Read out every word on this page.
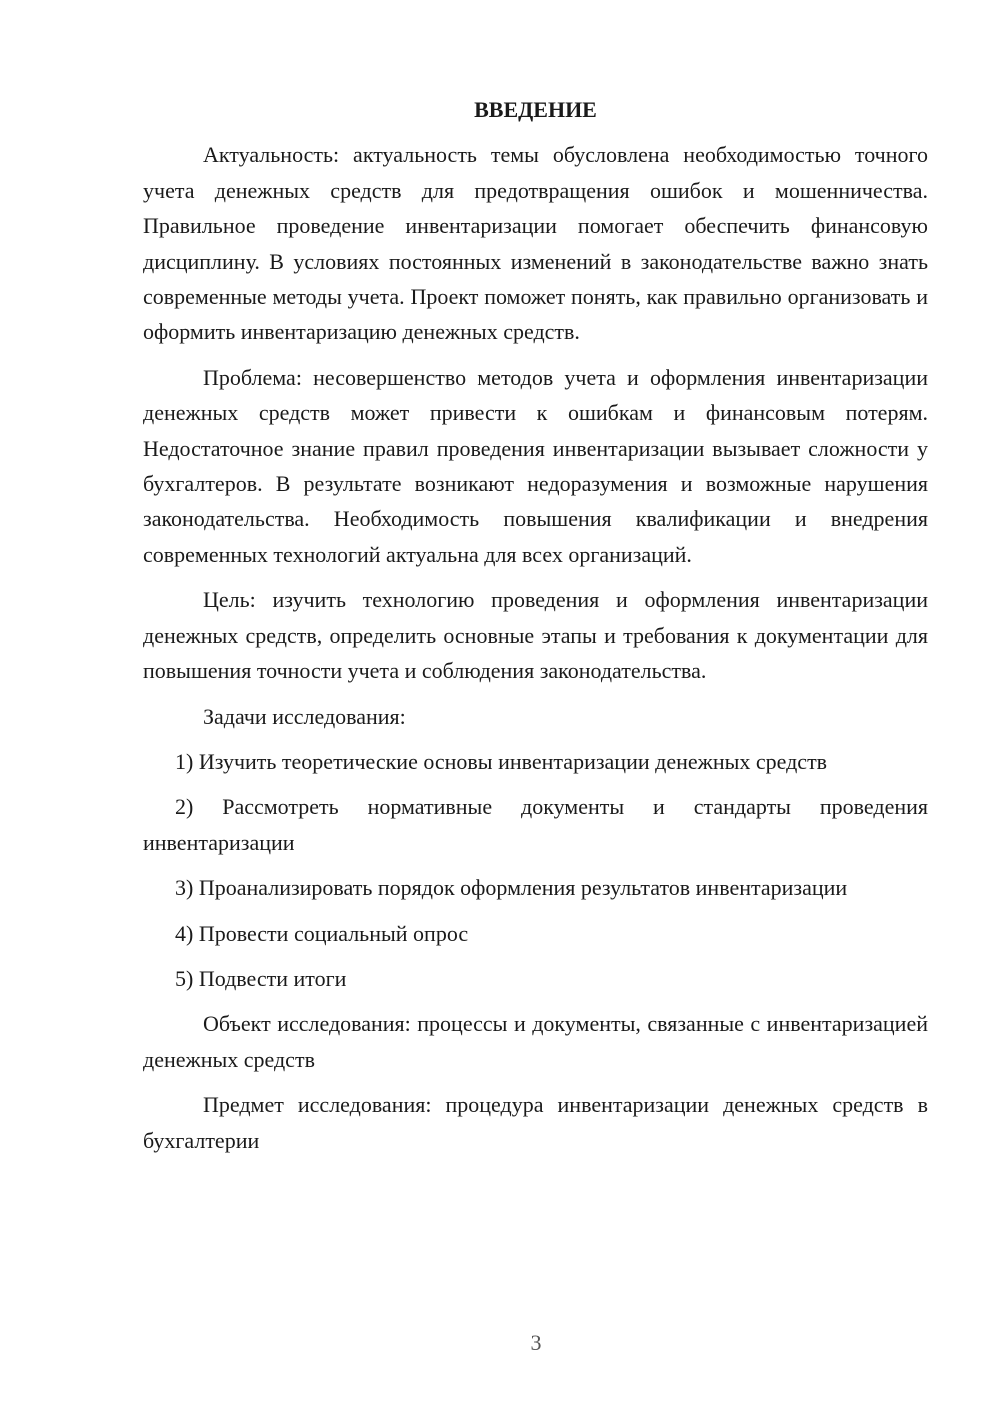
ВВЕДЕНИЕ

Актуальность: актуальность темы обусловлена необходимостью точного учета денежных средств для предотвращения ошибок и мошенничества. Правильное проведение инвентаризации помогает обеспечить финансовую дисциплину. В условиях постоянных изменений в законодательстве важно знать современные методы учета. Проект поможет понять, как правильно организовать и оформить инвентаризацию денежных средств.

Проблема: несовершенство методов учета и оформления инвентаризации денежных средств может привести к ошибкам и финансовым потерям. Недостаточное знание правил проведения инвентаризации вызывает сложности у бухгалтеров. В результате возникают недоразумения и возможные нарушения законодательства. Необходимость повышения квалификации и внедрения современных технологий актуальна для всех организаций.

Цель: изучить технологию проведения и оформления инвентаризации денежных средств, определить основные этапы и требования к документации для повышения точности учета и соблюдения законодательства.

Задачи исследования:

1) Изучить теоретические основы инвентаризации денежных средств

2) Рассмотреть нормативные документы и стандарты проведения инвентаризации

3) Проанализировать порядок оформления результатов инвентаризации

4) Провести социальный опрос

5) Подвести итоги

Объект исследования: процессы и документы, связанные с инвентаризацией денежных средств

Предмет исследования: процедура инвентаризации денежных средств в бухгалтерии

3
